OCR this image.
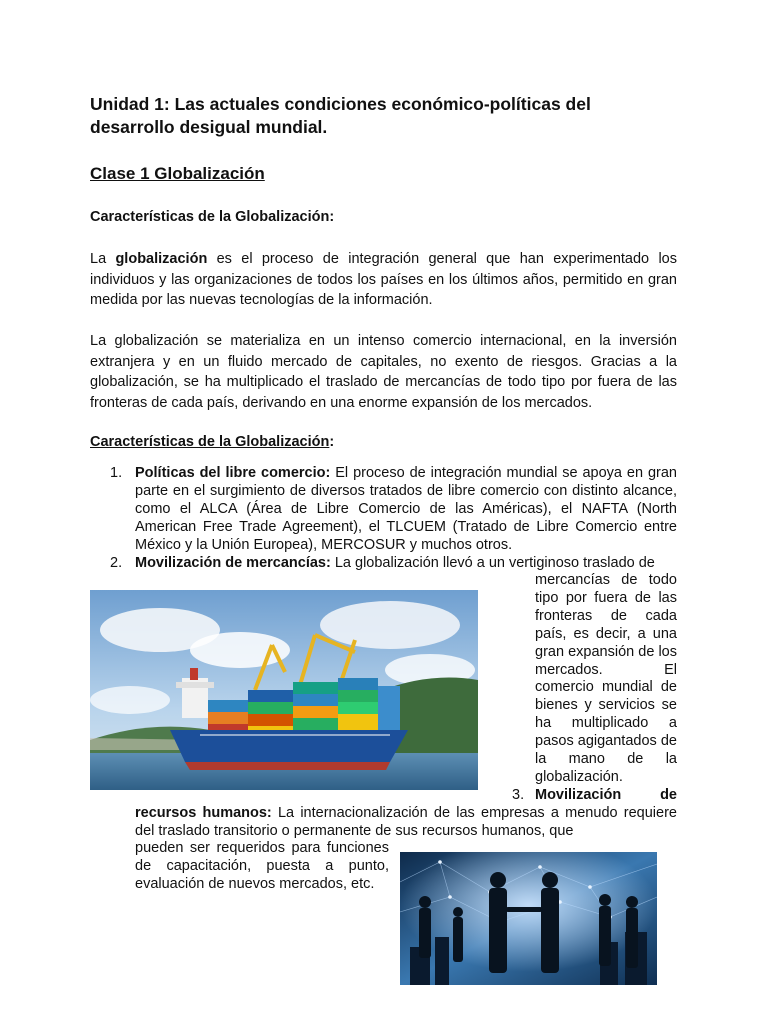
Unidad 1: Las actuales condiciones económico-políticas del desarrollo desigual mundial.
Clase 1 Globalización
Características de la Globalización:
La globalización es el proceso de integración general que han experimentado los individuos y las organizaciones de todos los países en los últimos años, permitido en gran medida por las nuevas tecnologías de la información.
La globalización se materializa en un intenso comercio internacional, en la inversión extranjera y en un fluido mercado de capitales, no exento de riesgos. Gracias a la globalización, se ha multiplicado el traslado de mercancías de todo tipo por fuera de las fronteras de cada país, derivando en una enorme expansión de los mercados.
Características de la Globalización:
1. Políticas del libre comercio: El proceso de integración mundial se apoya en gran parte en el surgimiento de diversos tratados de libre comercio con distinto alcance, como el ALCA (Área de Libre Comercio de las Américas), el NAFTA (North American Free Trade Agreement), el TLCUEM (Tratado de Libre Comercio entre México y la Unión Europea), MERCOSUR y muchos otros.
2. Movilización de mercancías: La globalización llevó a un vertiginoso traslado de
mercancías de todo tipo por fuera de las fronteras de cada país, es decir, a una gran expansión de los mercados. El comercio mundial de bienes y servicios se ha multiplicado a pasos agigantados de la mano de la globalización.
3. Movilización de
recursos humanos: La internacionalización de las empresas a menudo requiere del traslado transitorio o permanente de sus recursos humanos, que
pueden ser requeridos para funciones de capacitación, puesta a punto, evaluación de nuevos mercados, etc.
